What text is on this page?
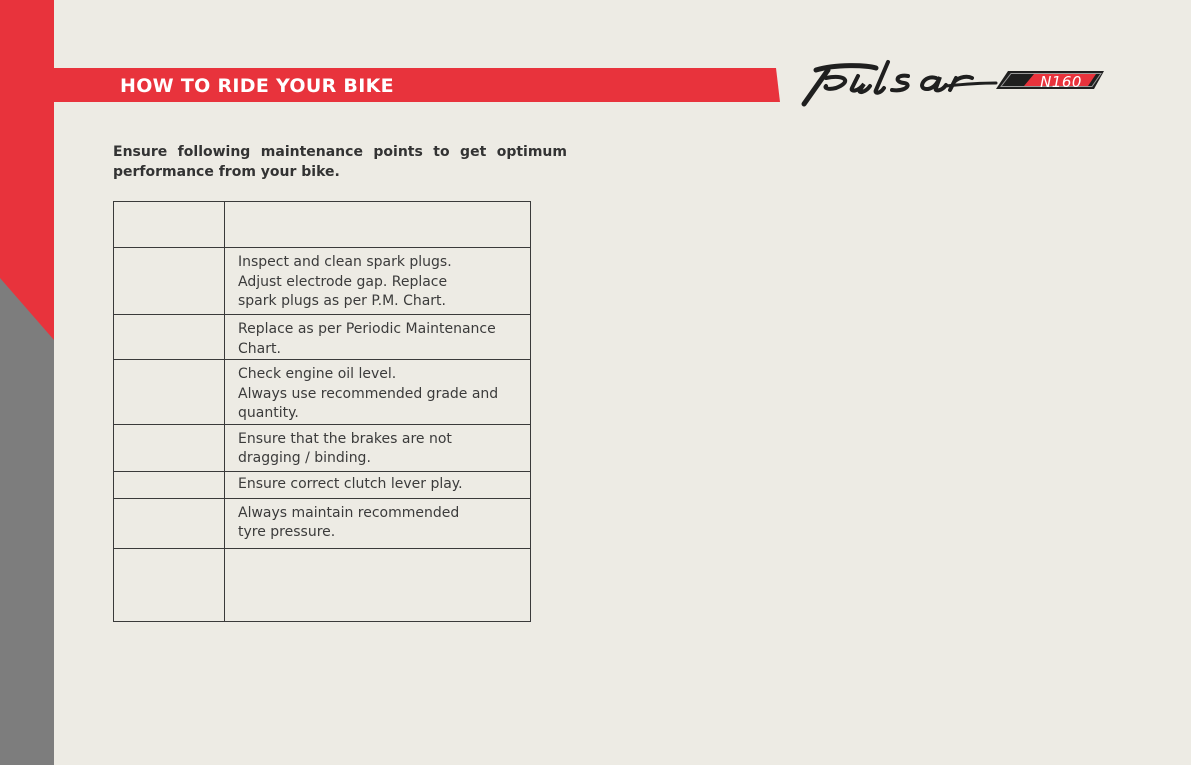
HOW TO RIDE YOUR BIKE	N160

Ensure following maintenance points to get optimum performance from your bike.

	Inspect and clean spark plugs.
Adjust electrode gap. Replace
spark plugs as per P.M. Chart.

	Replace as per Periodic Maintenance
Chart.

	Check engine oil level.
Always use recommended grade and
quantity.

	Ensure that the brakes are not
dragging / binding.

	Ensure correct clutch lever play.

	Always maintain recommended
tyre pressure.
